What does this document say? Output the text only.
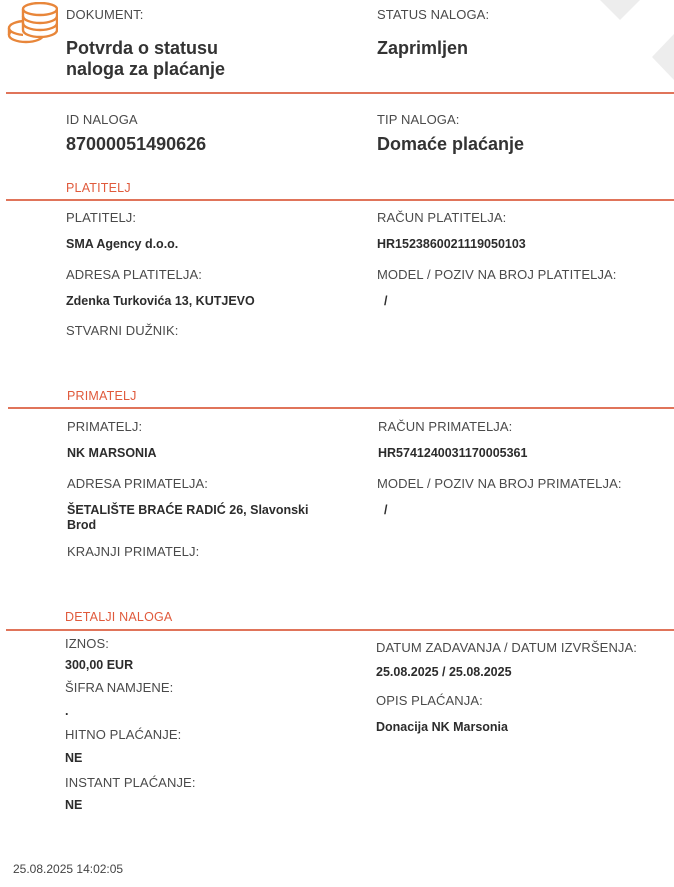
DOKUMENT:
Potvrda o statusu
naloga za plaćanje
STATUS NALOGA:
Zaprimljen
ID NALOGA
87000051490626
TIP NALOGA:
Domaće plaćanje
PLATITELJ
PLATITELJ:
SMA Agency d.o.o.
RAČUN PLATITELJA:
HR1523860021119050103
ADRESA PLATITELJA:
Zdenka Turkovića 13, KUTJEVO
MODEL / POZIV NA BROJ PLATITELJA:
/
STVARNI DUŽNIK:
PRIMATELJ
PRIMATELJ:
NK MARSONIA
RAČUN PRIMATELJA:
HR5741240031170005361
ADRESA PRIMATELJA:
ŠETALIŠTE BRAĆE RADIĆ 26, Slavonski
Brod
MODEL / POZIV NA BROJ PRIMATELJA:
/
KRAJNJI PRIMATELJ:
DETALJI NALOGA
IZNOS:
300,00 EUR
ŠIFRA NAMJENE:
.
HITNO PLAĆANJE:
NE
INSTANT PLAĆANJE:
NE
DATUM ZADAVANJA / DATUM IZVRŠENJA:
25.08.2025 / 25.08.2025
OPIS PLAĆANJA:
Donacija NK Marsonia
25.08.2025 14:02:05
